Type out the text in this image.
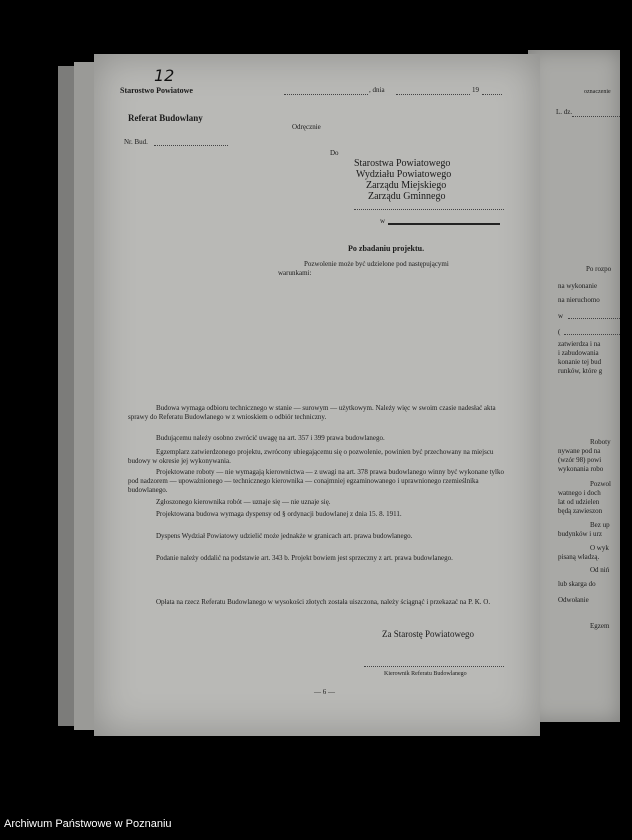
oznaczenie
L. dz.
Po rozpo
na wykonanie
na nieruchomo
w
(
zatwierdza i na
i zabudowania
konanie tej bud
runków, które g
Roboty
nywane pod na
(wzór 98) powi
wykonania robo
Pozwol
watnego i doch
lat od udzielen
będą zawieszon
Bez up
budynków i urz
O wyk
pisaną władzą.
Od niń
lub skarga do
Odwołanie
Egzem
12
Starostwo Powiatowe	, dnia	19
Referat Budowlany
Odręcznie
Nr. Bud.
Do
Starostwa Powiatowego
Wydziału Powiatowego
Zarządu Miejskiego
Zarządu Gminnego
w
Po zbadaniu projektu.
Pozwolenie może być udzielone pod następującymi
warunkami:
Budowa wymaga odbioru technicznego w stanie — surowym — użytkowym. Należy więc w swoim czasie nadesłać akta sprawy do Referatu Budowlanego w z wnioskiem o odbiór techniczny.
Budującemu należy osobno zwrócić uwagę na art. 357 i 399 prawa budowlanego.
Egzemplarz zatwierdzonego projektu, zwrócony ubiegającemu się o pozwolenie, powinien być przechowany na miejscu budowy w okresie jej wykonywania.
Projektowane roboty — nie wymagają kierownictwa — z uwagi na art. 378 prawa budowlanego winny być wykonane tylko pod nadzorem — upoważnionego — technicznego kierownika — conajmniej egzaminowanego i uprawnionego rzemieślnika budowlanego.
Zgłoszonego kierownika robót — uznaje się — nie uznaje się.
Projektowana budowa wymaga dyspensy od § ordynacji budowlanej z dnia 15. 8. 1911.
Dyspens Wydział Powiatowy udzielić może jednakże w granicach art. prawa budowlanego.
Podanie należy oddalić na podstawie art. 343 b. Projekt bowiem jest sprzeczny z art. prawa budowlanego.
Opłata na rzecz Referatu Budowlanego w wysokości złotych została uiszczona, należy ściągnąć i przekazać na P. K. O.
Za Starostę Powiatowego
Kierownik Referatu Budowlanego
— 6 —
Archiwum Państwowe w Poznaniu
